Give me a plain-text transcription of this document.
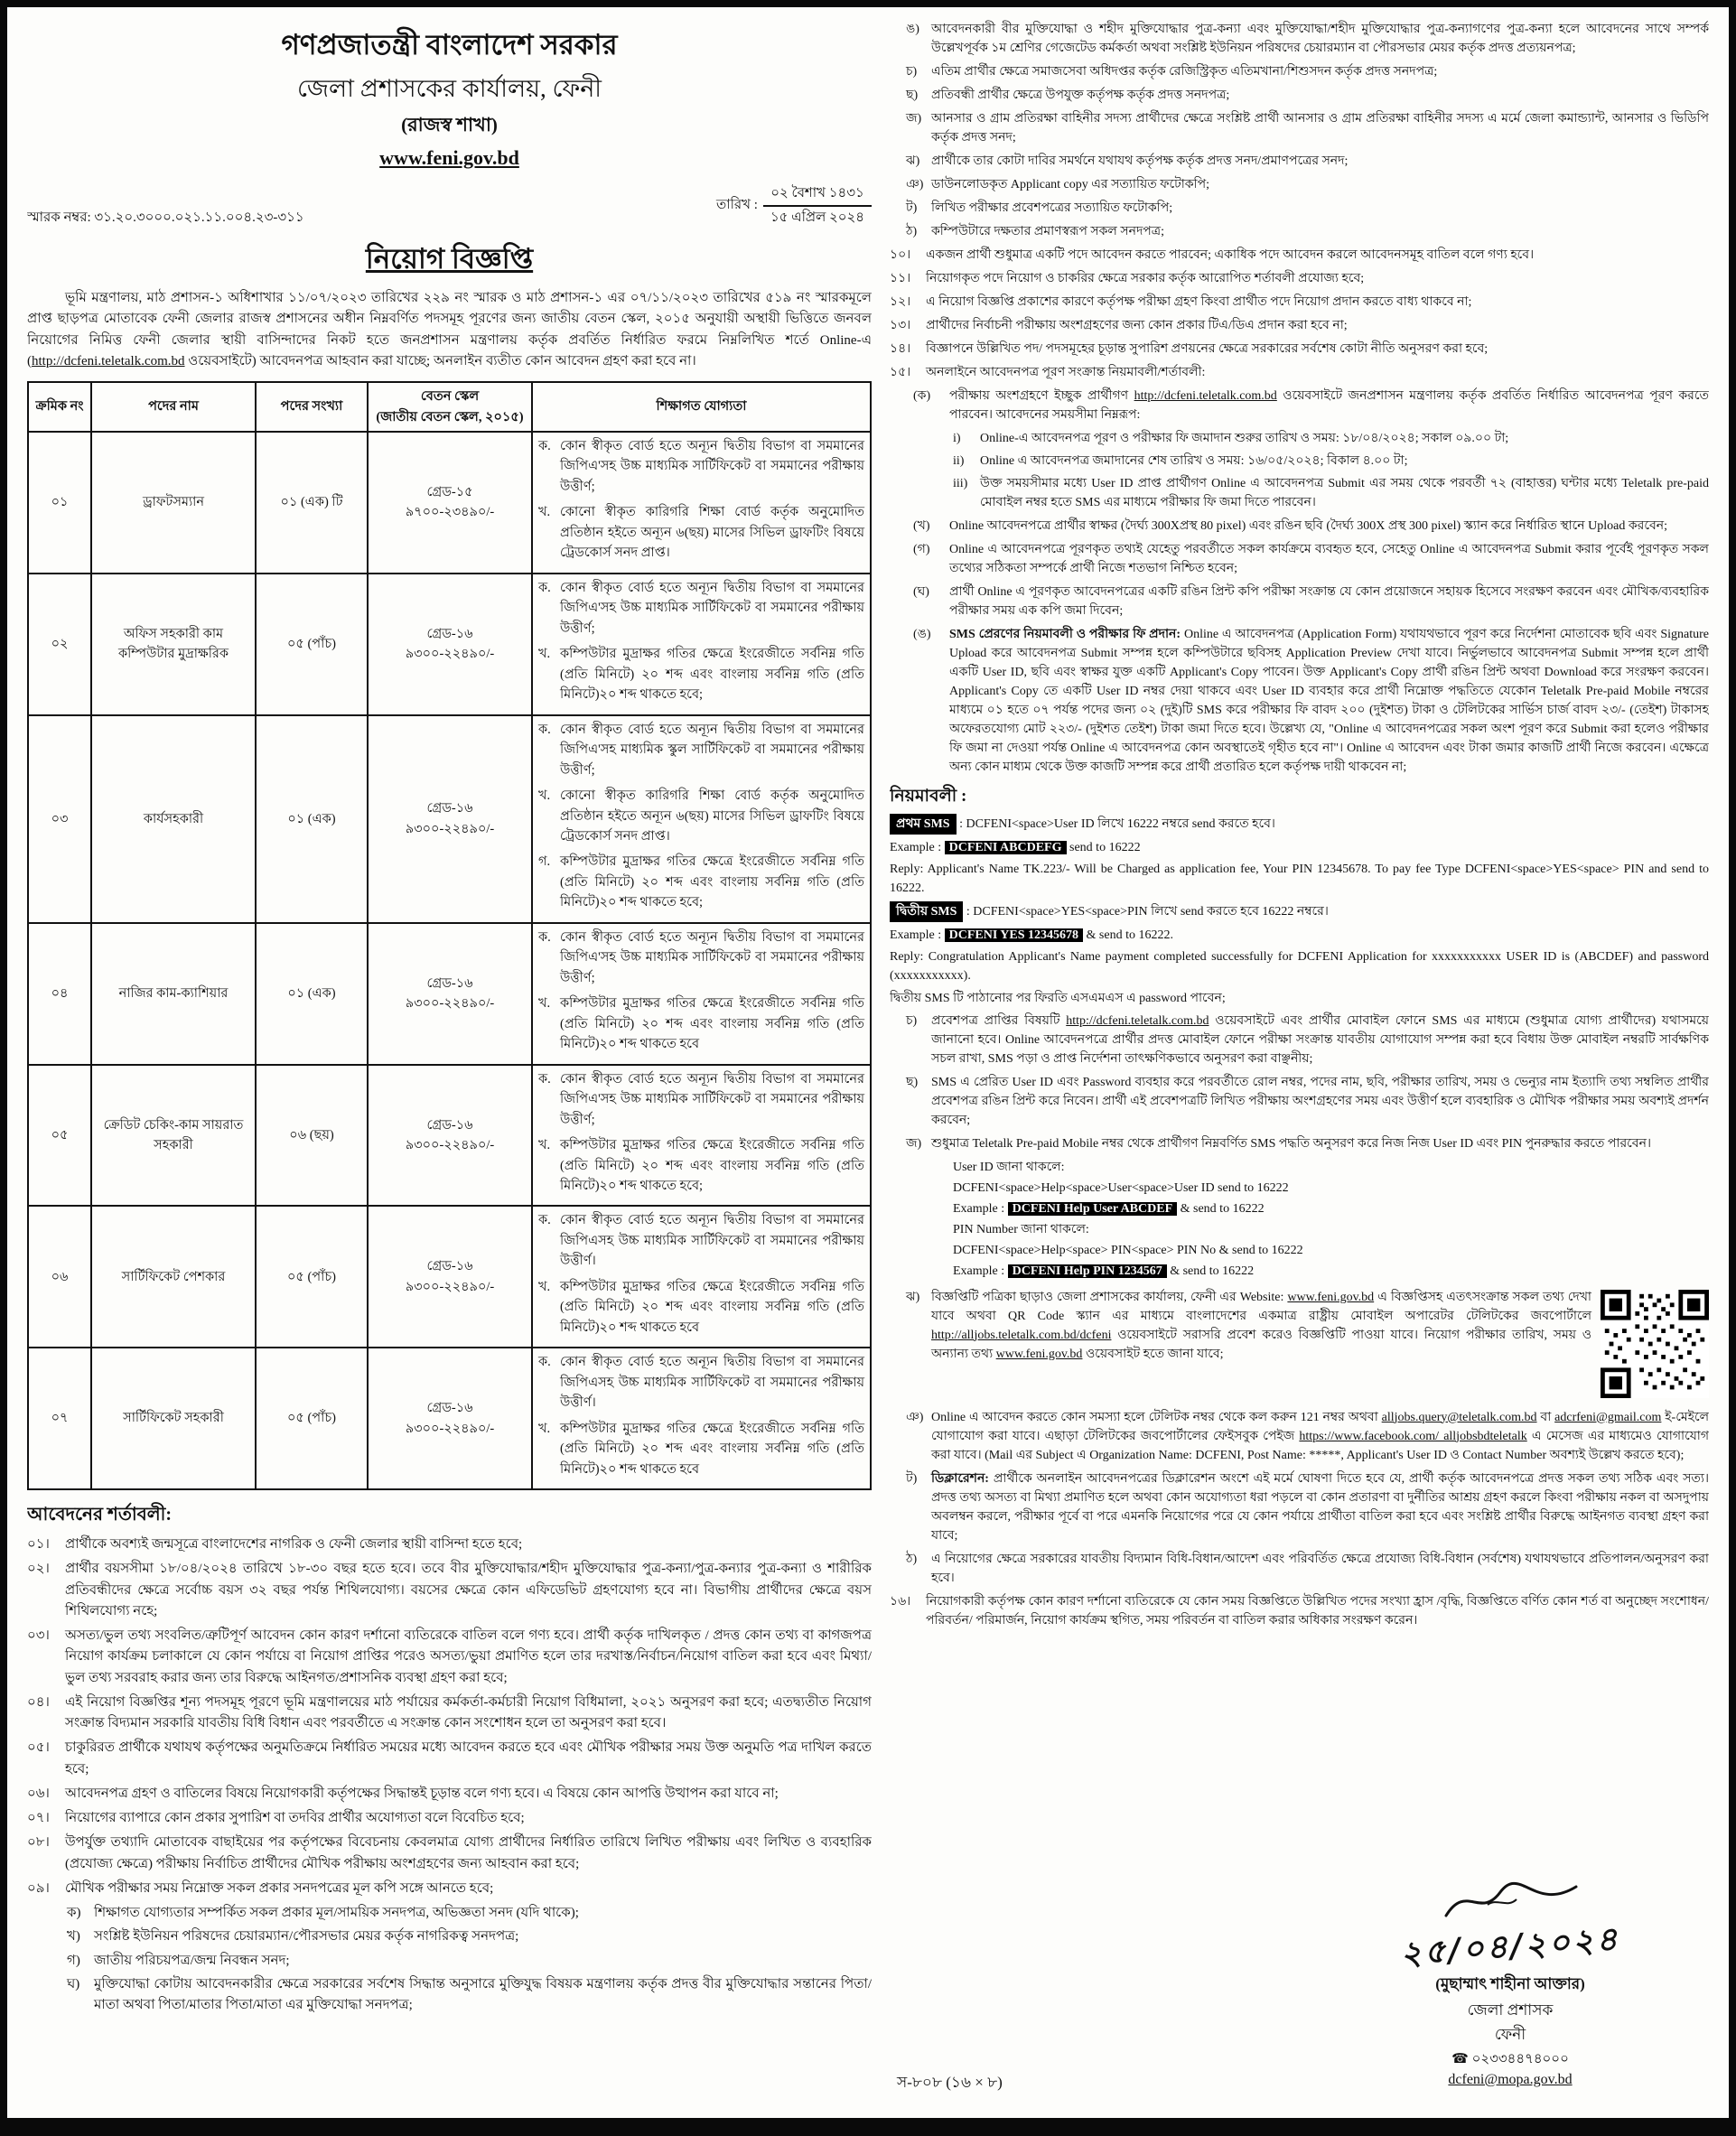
গণপ্রজাতন্ত্রী বাংলাদেশ সরকার
জেলা প্রশাসকের কার্যালয়, ফেনী
(রাজস্ব শাখা)
www.feni.gov.bd
স্মারক নম্বর: ৩১.২০.৩০০০.০২১.১১.০০৪.২৩-৩১১
তারিখ : $\frac{\text{০২ বৈশাখ ১৪৩১}}{\text{১৫ এপ্রিল ২০২৪}}$
নিয়োগ বিজ্ঞপ্তি
ভূমি মন্ত্রণালয়, মাঠ প্রশাসন-১ অধিশাখার ১১/০৭/২০২৩ তারিখের ২২৯ নং স্মারক ও মাঠ প্রশাসন-১ এর ০৭/১১/২০২৩ তারিখের ৫১৯ নং স্মারকমূলে প্রাপ্ত ছাড়পত্র মোতাবেক ফেনী জেলার রাজস্ব প্রশাসনের অধীন নিম্নবর্ণিত পদসমূহ পূরণের জন্য জাতীয় বেতন স্কেল, ২০১৫ অনুযায়ী অস্থায়ী ভিত্তিতে জনবল নিয়োগের নিমিত্ত ফেনী জেলার স্থায়ী বাসিন্দাদের নিকট হতে জনপ্রশাসন মন্ত্রণালয় কর্তৃক প্রবর্তিত নির্ধারিত ফরমে নিম্নলিখিত শর্তে Online-এ (http://dcfeni.teletalk.com.bd ওয়েবসাইটে) আবেদনপত্র আহবান করা যাচ্ছে; অনলাইন ব্যতীত কোন আবেদন গ্রহণ করা হবে না।
ক্রমিক নং	পদের নাম	পদের সংখ্যা	বেতন স্কেল
(জাতীয় বেতন স্কেল, ২০১৫)	শিক্ষাগত যোগ্যতা
০১	ড্রাফটসম্যান	০১ (এক) টি	
গ্রেড-১৫
৯৭০০-২৩৪৯০/-

ক. কোন স্বীকৃত বোর্ড হতে অন্যূন দ্বিতীয় বিভাগ বা সমমানের জিপিএ'সহ উচ্চ মাধ্যমিক সার্টিফিকেট বা সমমানের পরীক্ষায় উত্তীর্ণ;
খ. কোনো স্বীকৃত কারিগরি শিক্ষা বোর্ড কর্তৃক অনুমোদিত প্রতিষ্ঠান হইতে অন্যূন ৬(ছয়) মাসের সিভিল ড্রাফটিং বিষয়ে ট্রেডকোর্স সনদ প্রাপ্ত।

০২	অফিস সহকারী কাম কম্পিউটার মুদ্রাক্ষরিক	০৫ (পাঁচ)	
গ্রেড-১৬
৯৩০০-২২৪৯০/-

ক. কোন স্বীকৃত বোর্ড হতে অন্যূন দ্বিতীয় বিভাগ বা সমমানের জিপিএ'সহ উচ্চ মাধ্যমিক সার্টিফিকেট বা সমমানের পরীক্ষায় উত্তীর্ণ;
খ. কম্পিউটার মুদ্রাক্ষর গতির ক্ষেত্রে ইংরেজীতে সর্বনিম্ন গতি (প্রতি মিনিটে) ২০ শব্দ এবং বাংলায় সর্বনিম্ন গতি (প্রতি মিনিটে)২০ শব্দ থাকতে হবে;

০৩	কার্যসহকারী	০১ (এক)	
গ্রেড-১৬
৯৩০০-২২৪৯০/-

ক. কোন স্বীকৃত বোর্ড হতে অন্যূন দ্বিতীয় বিভাগ বা সমমানের জিপিএ'সহ মাধ্যমিক স্কুল সার্টিফিকেট বা সমমানের পরীক্ষায় উত্তীর্ণ;
খ. কোনো স্বীকৃত কারিগরি শিক্ষা বোর্ড কর্তৃক অনুমোদিত প্রতিষ্ঠান হইতে অন্যূন ৬(ছয়) মাসের সিভিল ড্রাফটিং বিষয়ে ট্রেডকোর্স সনদ প্রাপ্ত।
গ. কম্পিউটার মুদ্রাক্ষর গতির ক্ষেত্রে ইংরেজীতে সর্বনিম্ন গতি (প্রতি মিনিটে) ২০ শব্দ এবং বাংলায় সর্বনিম্ন গতি (প্রতি মিনিটে)২০ শব্দ থাকতে হবে;

০৪	নাজির কাম-ক্যাশিয়ার	০১ (এক)	
গ্রেড-১৬
৯৩০০-২২৪৯০/-

ক. কোন স্বীকৃত বোর্ড হতে অন্যূন দ্বিতীয় বিভাগ বা সমমানের জিপিএ'সহ উচ্চ মাধ্যমিক সার্টিফিকেট বা সমমানের পরীক্ষায় উত্তীর্ণ;
খ. কম্পিউটার মুদ্রাক্ষর গতির ক্ষেত্রে ইংরেজীতে সর্বনিম্ন গতি (প্রতি মিনিটে) ২০ শব্দ এবং বাংলায় সর্বনিম্ন গতি (প্রতি মিনিটে)২০ শব্দ থাকতে হবে

০৫	ক্রেডিট চেকিং-কাম সায়রাত সহকারী	০৬ (ছয়)	
গ্রেড-১৬
৯৩০০-২২৪৯০/-

ক. কোন স্বীকৃত বোর্ড হতে অন্যূন দ্বিতীয় বিভাগ বা সমমানের জিপিএ'সহ উচ্চ মাধ্যমিক সার্টিফিকেট বা সমমানের পরীক্ষায় উত্তীর্ণ;
খ. কম্পিউটার মুদ্রাক্ষর গতির ক্ষেত্রে ইংরেজীতে সর্বনিম্ন গতি (প্রতি মিনিটে) ২০ শব্দ এবং বাংলায় সর্বনিম্ন গতি (প্রতি মিনিটে)২০ শব্দ থাকতে হবে;

০৬	সার্টিফিকেট পেশকার	০৫ (পাঁচ)	
গ্রেড-১৬
৯৩০০-২২৪৯০/-

ক. কোন স্বীকৃত বোর্ড হতে অন্যূন দ্বিতীয় বিভাগ বা সমমানের জিপিএসহ উচ্চ মাধ্যমিক সার্টিফিকেট বা সমমানের পরীক্ষায় উত্তীর্ণ।
খ. কম্পিউটার মুদ্রাক্ষর গতির ক্ষেত্রে ইংরেজীতে সর্বনিম্ন গতি (প্রতি মিনিটে) ২০ শব্দ এবং বাংলায় সর্বনিম্ন গতি (প্রতি মিনিটে)২০ শব্দ থাকতে হবে

০৭	সার্টিফিকেট সহকারী	০৫ (পাঁচ)	
গ্রেড-১৬
৯৩০০-২২৪৯০/-

ক. কোন স্বীকৃত বোর্ড হতে অন্যূন দ্বিতীয় বিভাগ বা সমমানের জিপিএসহ উচ্চ মাধ্যমিক সার্টিফিকেট বা সমমানের পরীক্ষায় উত্তীর্ণ।
খ. কম্পিউটার মুদ্রাক্ষর গতির ক্ষেত্রে ইংরেজীতে সর্বনিম্ন গতি (প্রতি মিনিটে) ২০ শব্দ এবং বাংলায় সর্বনিম্ন গতি (প্রতি মিনিটে)২০ শব্দ থাকতে হবে
আবেদনের শর্তাবলী:
০১।	প্রার্থীকে অবশ্যই জন্মসূত্রে বাংলাদেশের নাগরিক ও ফেনী জেলার স্থায়ী বাসিন্দা হতে হবে;
০২।	প্রার্থীর বয়সসীমা ১৮/০৪/২০২৪ তারিখে ১৮-৩০ বছর হতে হবে। তবে বীর মুক্তিযোদ্ধার/শহীদ মুক্তিযোদ্ধার পুত্র-কন্যা/পুত্র-কন্যার পুত্র-কন্যা ও শারীরিক প্রতিবন্ধীদের ক্ষেত্রে সর্বোচ্চ বয়স ৩২ বছর পর্যন্ত শিথিলযোগ্য। বয়সের ক্ষেত্রে কোন এফিডেভিট গ্রহণযোগ্য হবে না। বিভাগীয় প্রার্থীদের ক্ষেত্রে বয়স শিথিলযোগ্য নহে;
০৩।	অসত্য/ভুল তথ্য সংবলিত/ত্রুটিপূর্ণ আবেদন কোন কারণ দর্শানো ব্যতিরেকে বাতিল বলে গণ্য হবে। প্রার্থী কর্তৃক দাখিলকৃত / প্রদত্ত কোন তথ্য বা কাগজপত্র নিয়োগ কার্যক্রম চলাকালে যে কোন পর্যায়ে বা নিয়োগ প্রাপ্তির পরেও অসত্য/ভুয়া প্রমাণিত হলে তার দরখাস্ত/নির্বাচন/নিয়োগ বাতিল করা হবে এবং মিথ্যা/ভুল তথ্য সরবরাহ করার জন্য তার বিরুদ্ধে আইনগত/প্রশাসনিক ব্যবস্থা গ্রহণ করা হবে;
০৪।	এই নিয়োগ বিজ্ঞপ্তির শূন্য পদসমূহ পূরণে ভূমি মন্ত্রণালয়ের মাঠ পর্যায়ের কর্মকর্তা-কর্মচারী নিয়োগ বিধিমালা, ২০২১ অনুসরণ করা হবে; এতদ্ব্যতীত নিয়োগ সংক্রান্ত বিদ্যমান সরকারি যাবতীয় বিধি বিধান এবং পরবর্তীতে এ সংক্রান্ত কোন সংশোধন হলে তা অনুসরণ করা হবে।
০৫।	চাকুরিরত প্রার্থীকে যথাযথ কর্তৃপক্ষের অনুমতিক্রমে নির্ধারিত সময়ের মধ্যে আবেদন করতে হবে এবং মৌখিক পরীক্ষার সময় উক্ত অনুমতি পত্র দাখিল করতে হবে;
০৬।	আবেদনপত্র গ্রহণ ও বাতিলের বিষয়ে নিয়োগকারী কর্তৃপক্ষের সিদ্ধান্তই চূড়ান্ত বলে গণ্য হবে। এ বিষয়ে কোন আপত্তি উত্থাপন করা যাবে না;
০৭।	নিয়োগের ব্যাপারে কোন প্রকার সুপারিশ বা তদবির প্রার্থীর অযোগ্যতা বলে বিবেচিত হবে;
০৮।	উপর্যুক্ত তথ্যাদি মোতাবেক বাছাইয়ের পর কর্তৃপক্ষের বিবেচনায় কেবলমাত্র যোগ্য প্রার্থীদের নির্ধারিত তারিখে লিখিত পরীক্ষায় এবং লিখিত ও ব্যবহারিক (প্রযোজ্য ক্ষেত্রে) পরীক্ষায় নির্বাচিত প্রার্থীদের মৌখিক পরীক্ষায় অংশগ্রহণের জন্য আহবান করা হবে;
০৯।	মৌখিক পরীক্ষার সময় নিম্নোক্ত সকল প্রকার সনদপত্রের মূল কপি সঙ্গে আনতে হবে;
ক) শিক্ষাগত যোগ্যতার সম্পর্কিত সকল প্রকার মূল/সাময়িক সনদপত্র, অভিজ্ঞতা সনদ (যদি থাকে);
খ)	সংশ্লিষ্ট ইউনিয়ন পরিষদের চেয়ারম্যান/পৌরসভার মেয়র কর্তৃক নাগরিকত্ব সনদপত্র;
গ)	জাতীয় পরিচয়পত্র/জন্ম নিবন্ধন সনদ;
ঘ)	মুক্তিযোদ্ধা কোটায় আবেদনকারীর ক্ষেত্রে সরকারের সর্বশেষ সিদ্ধান্ত অনুসারে মুক্তিযুদ্ধ বিষয়ক মন্ত্রণালয় কর্তৃক প্রদত্ত বীর মুক্তিযোদ্ধার সন্তানের পিতা/মাতা অথবা পিতা/মাতার পিতা/মাতা এর মুক্তিযোদ্ধা সনদপত্র;
ঙ) আবেদনকারী বীর মুক্তিযোদ্ধা ও শহীদ মুক্তিযোদ্ধার পুত্র-কন্যা এবং মুক্তিযোদ্ধা/শহীদ মুক্তিযোদ্ধার পুত্র-কন্যাগণের পুত্র-কন্যা হলে আবেদনের সাথে সম্পর্ক উল্লেখপূর্বক ১ম শ্রেণির গেজেটেড কর্মকর্তা অথবা সংশ্লিষ্ট ইউনিয়ন পরিষদের চেয়ারম্যান বা পৌরসভার মেয়র কর্তৃক প্রদত্ত প্রত্যয়নপত্র;
চ)	এতিম প্রার্থীর ক্ষেত্রে সমাজসেবা অধিদপ্তর কর্তৃক রেজিস্ট্রিকৃত এতিমখানা/শিশুসদন কর্তৃক প্রদত্ত সনদপত্র;
ছ)	প্রতিবন্ধী প্রার্থীর ক্ষেত্রে উপযুক্ত কর্তৃপক্ষ কর্তৃক প্রদত্ত সনদপত্র;
জ) আনসার ও গ্রাম প্রতিরক্ষা বাহিনীর সদস্য প্রার্থীদের ক্ষেত্রে সংশ্লিষ্ট প্রার্থী আনসার ও গ্রাম প্রতিরক্ষা বাহিনীর সদস্য এ মর্মে জেলা কমান্ড্যান্ট, আনসার ও ভিডিপি কর্তৃক প্রদত্ত সনদ;
ঝ) প্রার্থীকে তার কোটা দাবির সমর্থনে যথাযথ কর্তৃপক্ষ কর্তৃক প্রদত্ত সনদ/প্রমাণপত্রের সনদ;
ঞ) ডাউনলোডকৃত Applicant copy এর সত্যায়িত ফটোকপি;
ট)	লিখিত পরীক্ষার প্রবেশপত্রের সত্যায়িত ফটোকপি;
ঠ)	কম্পিউটারে দক্ষতার প্রমাণস্বরূপ সকল সনদপত্র;
১০।	একজন প্রার্থী শুধুমাত্র একটি পদে আবেদন করতে পারবেন; একাধিক পদে আবেদন করলে আবেদনসমূহ বাতিল বলে গণ্য হবে।
১১।	নিয়োগকৃত পদে নিয়োগ ও চাকরির ক্ষেত্রে সরকার কর্তৃক আরোপিত শর্তাবলী প্রযোজ্য হবে;
১২।	এ নিয়োগ বিজ্ঞপ্তি প্রকাশের কারণে কর্তৃপক্ষ পরীক্ষা গ্রহণ কিংবা প্রার্থীত পদে নিয়োগ প্রদান করতে বাধ্য থাকবে না;
১৩।	প্রার্থীদের নির্বাচনী পরীক্ষায় অংশগ্রহণের জন্য কোন প্রকার টিএ/ডিএ প্রদান করা হবে না;
১৪।	বিজ্ঞাপনে উল্লিখিত পদ/ পদসমূহের চূড়ান্ত সুপারিশ প্রণয়নের ক্ষেত্রে সরকারের সর্বশেষ কোটা নীতি অনুসরণ করা হবে;
১৫।	অনলাইনে আবেদনপত্র পূরণ সংক্রান্ত নিয়মাবলী/শর্তাবলী:
(ক)	পরীক্ষায় অংশগ্রহণে ইচ্ছুক প্রার্থীগণ http://dcfeni.teletalk.com.bd ওয়েবসাইটে জনপ্রশাসন মন্ত্রণালয় কর্তৃক প্রবর্তিত নির্ধারিত আবেদনপত্র পূরণ করতে পারবেন। আবেদনের সময়সীমা নিম্নরূপ:
i)	Online-এ আবেদনপত্র পূরণ ও পরীক্ষার ফি জমাদান শুরুর তারিখ ও সময়: ১৮/০৪/২০২৪; সকাল ০৯.০০ টা;
ii)	Online এ আবেদনপত্র জমাদানের শেষ তারিখ ও সময়: ১৬/০৫/২০২৪; বিকাল ৪.০০ টা;
iii) উক্ত সময়সীমার মধ্যে User ID প্রাপ্ত প্রার্থীগণ Online এ আবেদনপত্র Submit এর সময় থেকে পরবর্তী ৭২ (বাহাত্তর) ঘন্টার মধ্যে Teletalk pre-paid মোবাইল নম্বর হতে SMS এর মাধ্যমে পরীক্ষার ফি জমা দিতে পারবেন।
(খ)	Online আবেদনপত্রে প্রার্থীর স্বাক্ষর (দৈর্ঘ্য 300Xপ্রস্থ 80 pixel) এবং রঙিন ছবি (দৈর্ঘ্য 300X প্রস্থ 300 pixel) স্ক্যান করে নির্ধারিত স্থানে Upload করবেন;
(গ)	Online এ আবেদনপত্রে পূরণকৃত তথ্যই যেহেতু পরবর্তীতে সকল কার্যক্রমে ব্যবহৃত হবে, সেহেতু Online এ আবেদনপত্র Submit করার পূর্বেই পূরণকৃত সকল তথ্যের সঠিকতা সম্পর্কে প্রার্থী নিজে শতভাগ নিশ্চিত হবেন;
(ঘ)	প্রার্থী Online এ পূরণকৃত আবেদনপত্রের একটি রঙিন প্রিন্ট কপি পরীক্ষা সংক্রান্ত যে কোন প্রয়োজনে সহায়ক হিসেবে সংরক্ষণ করবেন এবং মৌখিক/ব্যবহারিক পরীক্ষার সময় এক কপি জমা দিবেন;
(ঙ)	SMS প্রেরণের নিয়মাবলী ও পরীক্ষার ফি প্রদান: Online এ আবেদনপত্র (Application Form) যথাযথভাবে পূরণ করে নির্দেশনা মোতাবেক ছবি এবং Signature Upload করে আবেদনপত্র Submit সম্পন্ন হলে কম্পিউটারে ছবিসহ Application Preview দেখা যাবে। নির্ভুলভাবে আবেদনপত্র Submit সম্পন্ন হলে প্রার্থী একটি User ID, ছবি এবং স্বাক্ষর যুক্ত একটি Applicant's Copy পাবেন। উক্ত Applicant's Copy প্রার্থী রঙিন প্রিন্ট অথবা Download করে সংরক্ষণ করবেন। Applicant's Copy তে একটি User ID নম্বর দেয়া থাকবে এবং User ID ব্যবহার করে প্রার্থী নিম্নোক্ত পদ্ধতিতে যেকোন Teletalk Pre-paid Mobile নম্বরের মাধ্যমে ০১ হতে ০৭ পর্যন্ত পদের জন্য ০২ (দুই)টি SMS করে পরীক্ষার ফি বাবদ ২০০ (দুইশত) টাকা ও টেলিটকের সার্ভিস চার্জ বাবদ ২৩/- (তেইশ) টাকাসহ অফেরতযোগ্য মোট ২২৩/- (দুইশত তেইশ) টাকা জমা দিতে হবে। উল্লেখ্য যে, "Online এ আবেদনপত্রের সকল অংশ পূরণ করে Submit করা হলেও পরীক্ষার ফি জমা না দেওয়া পর্যন্ত Online এ আবেদনপত্র কোন অবস্থাতেই গৃহীত হবে না"। Online এ আবেদন এবং টাকা জমার কাজটি প্রার্থী নিজে করবেন। এক্ষেত্রে অন্য কোন মাধ্যম থেকে উক্ত কাজটি সম্পন্ন করে প্রার্থী প্রতারিত হলে কর্তৃপক্ষ দায়ী থাকবেন না;
নিয়মাবলী :
প্রথম SMS : DCFENI<space>User ID লিখে 16222 নম্বরে send করতে হবে।
Example : DCFENI ABCDEFG send to 16222
Reply: Applicant's Name TK.223/- Will be Charged as application fee, Your PIN 12345678. To pay fee Type DCFENI<space>YES<space> PIN and send to 16222.
দ্বিতীয় SMS : DCFENI<space>YES<space>PIN লিখে send করতে হবে 16222 নম্বরে।
Example : DCFENI YES 12345678 & send to 16222.
Reply: Congratulation Applicant's Name payment completed successfully for DCFENI Application for xxxxxxxxxxx USER ID is (ABCDEF) and password (xxxxxxxxxxx).
দ্বিতীয় SMS টি পাঠানোর পর ফিরতি এসএমএস এ password পাবেন;
চ)	প্রবেশপত্র প্রাপ্তির বিষয়টি http://dcfeni.teletalk.com.bd ওয়েবসাইটে এবং প্রার্থীর মোবাইল ফোনে SMS এর মাধ্যমে (শুধুমাত্র যোগ্য প্রার্থীদের) যথাসময়ে জানানো হবে। Online আবেদনপত্রে প্রার্থীর প্রদত্ত মোবাইল ফোনে পরীক্ষা সংক্রান্ত যাবতীয় যোগাযোগ সম্পন্ন করা হবে বিধায় উক্ত মোবাইল নম্বরটি সার্বক্ষণিক সচল রাখা, SMS পড়া ও প্রাপ্ত নির্দেশনা তাৎক্ষণিকভাবে অনুসরণ করা বাঞ্ছনীয়;
ছ)	SMS এ প্রেরিত User ID এবং Password ব্যবহার করে পরবর্তীতে রোল নম্বর, পদের নাম, ছবি, পরীক্ষার তারিখ, সময় ও ভেন্যুর নাম ইত্যাদি তথ্য সম্বলিত প্রার্থীর প্রবেশপত্র রঙিন প্রিন্ট করে নিবেন। প্রার্থী এই প্রবেশপত্রটি লিখিত পরীক্ষায় অংশগ্রহণের সময় এবং উত্তীর্ণ হলে ব্যবহারিক ও মৌখিক পরীক্ষার সময় অবশ্যই প্রদর্শন করবেন;
জ) শুধুমাত্র Teletalk Pre-paid Mobile নম্বর থেকে প্রার্থীগণ নিম্নবর্ণিত SMS পদ্ধতি অনুসরণ করে নিজ নিজ User ID এবং PIN পুনরুদ্ধার করতে পারবেন।
User ID জানা থাকলে:
DCFENI<space>Help<space>User<space>User ID send to 16222
Example : DCFENI Help User ABCDEF & send to 16222
PIN Number জানা থাকলে:
DCFENI<space>Help<space> PIN<space> PIN No & send to 16222
Example : DCFENI Help PIN 1234567 & send to 16222
ঝ) বিজ্ঞপ্তিটি পত্রিকা ছাড়াও জেলা প্রশাসকের কার্যালয়, ফেনী এর Website: www.feni.gov.bd এ বিজ্ঞপ্তিসহ এতৎসংক্রান্ত সকল তথ্য দেখা যাবে অথবা QR Code স্ক্যান এর মাধ্যমে বাংলাদেশের একমাত্র রাষ্ট্রীয় মোবাইল অপারেটর টেলিটকের জবপোর্টালে http://alljobs.teletalk.com.bd/dcfeni ওয়েবসাইটে সরাসরি প্রবেশ করেও বিজ্ঞপ্তিটি পাওয়া যাবে। নিয়োগ পরীক্ষার তারিখ, সময় ও অন্যান্য তথ্য www.feni.gov.bd ওয়েবসাইট হতে জানা যাবে;
ঞ) Online এ আবেদন করতে কোন সমস্যা হলে টেলিটক নম্বর থেকে কল করুন 121 নম্বর অথবা alljobs.query@teletalk.com.bd বা adcrfeni@gmail.com ই-মেইলে যোগাযোগ করা যাবে। এছাড়া টেলিটকের জবপোর্টালের ফেইসবুক পেইজ https://www.facebook.com/ alljobsbdteletalk এ মেসেজ এর মাধ্যমেও যোগাযোগ করা যাবে। (Mail এর Subject এ Organization Name: DCFENI, Post Name: *****, Applicant's User ID ও Contact Number অবশ্যই উল্লেখ করতে হবে);
ট)	ডিক্লারেশন: প্রার্থীকে অনলাইন আবেদনপত্রের ডিক্লারেশন অংশে এই মর্মে ঘোষণা দিতে হবে যে, প্রার্থী কর্তৃক আবেদনপত্রে প্রদত্ত সকল তথ্য সঠিক এবং সত্য। প্রদত্ত তথ্য অসত্য বা মিথ্যা প্রমাণিত হলে অথবা কোন অযোগ্যতা ধরা পড়লে বা কোন প্রতারণা বা দুর্নীতির আশ্রয় গ্রহণ করলে কিংবা পরীক্ষায় নকল বা অসদুপায় অবলম্বন করলে, পরীক্ষার পূর্বে বা পরে এমনকি নিয়োগের পরে যে কোন পর্যায়ে প্রার্থীতা বাতিল করা হবে এবং সংশ্লিষ্ট প্রার্থীর বিরুদ্ধে আইনগত ব্যবস্থা গ্রহণ করা যাবে;
ঠ)	এ নিয়োগের ক্ষেত্রে সরকারের যাবতীয় বিদ্যমান বিধি-বিধান/আদেশ এবং পরিবর্তিত ক্ষেত্রে প্রযোজ্য বিধি-বিধান (সর্বশেষ) যথাযথভাবে প্রতিপালন/অনুসরণ করা হবে।
১৬।	নিয়োগকারী কর্তৃপক্ষ কোন কারণ দর্শানো ব্যতিরেকে যে কোন সময় বিজ্ঞপ্তিতে উল্লিখিত পদের সংখ্যা হ্রাস /বৃদ্ধি, বিজ্ঞপ্তিতে বর্ণিত কোন শর্ত বা অনুচ্ছেদ সংশোধন/ পরিবর্তন/ পরিমার্জন, নিয়োগ কার্যক্রম স্থগিত, সময় পরিবর্তন বা বাতিল করার অধিকার সংরক্ষণ করেন।
২৫/০৪/২০২৪
(মুছাম্মাৎ শাহীনা আক্তার)
জেলা প্রশাসক
ফেনী
☎ ০২৩৩৪৪৭৪০০০
dcfeni@mopa.gov.bd
স-৮০৮ (১৬ × ৮)
